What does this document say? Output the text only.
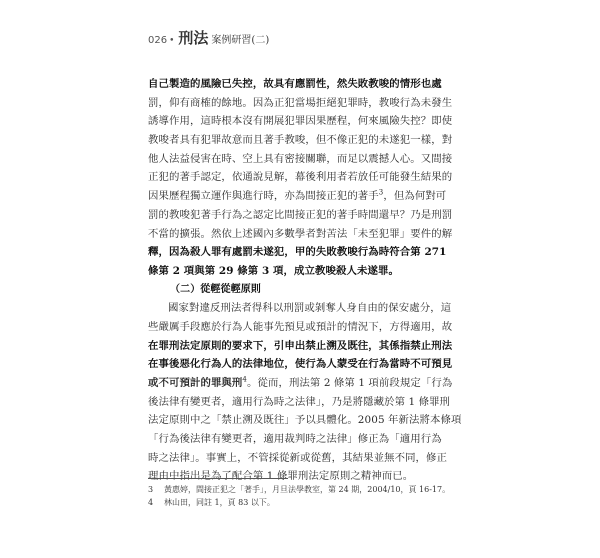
026 • 刑法 案例研習(二)
自己製造的風險已失控，故具有應罰性，然失敗教唆的情形也處
罰，仰有商榷的餘地。因為正犯當場拒絕犯罪時，教唆行為未發生
誘導作用，這時根本沒有開展犯罪因果歷程，何來風險失控？即使
教唆者具有犯罪故意而且著手教唆，但不像正犯的未遂犯一樣，對
他人法益侵害在時、空上具有密接關聯，而足以震撼人心。又間接
正犯的著手認定，依通說見解，幕後利用者若放任可能發生結果的
因果歷程獨立運作與進行時，亦為間接正犯的著手$^3$，但為何對可
罰的教唆犯著手行為之認定比間接正犯的著手時間還早？乃是刑罰
不當的擴張。然依上述國內多數學者對苦法「未至犯罪」要件的解
釋，因為殺人罪有處罰未遂犯，甲的失敗教唆行為時符合第 271
條第 2 項與第 29 條第 3 項，成立教唆殺人未遂罪。
（二）從輕從輕原則
國家對違反刑法者得科以刑罰或剝奪人身自由的保安處分，這
些嚴厲手段應於行為人能事先預見或預計的情況下，方得適用，故
在罪刑法定原則的要求下，引申出禁止溯及既往，其係指禁止刑法
在事後惡化行為人的法律地位，使行為人蒙受在行為當時不可預見
或不可預計的罪與刑$^4$。從而，刑法第 2 條第 1 項前段規定「行為
後法律有變更者，適用行為時之法律」，乃是將隱藏於第 1 條罪刑
法定原則中之「禁止溯及既往」予以具體化。2005 年新法將本條項
「行為後法律有變更者，適用裁判時之法律」修正為「適用行為
時之法律」。事實上，不管採從新或從舊，其結果並無不同，修正
理由中指出是為了配合第 1 條罪刑法定原則之精神而已。
3 黃惠婷，間接正犯之「著手」，月旦法學教室，第 24 期，2004/10，頁 16-17。
4 林山田，同註 1，頁 83 以下。
